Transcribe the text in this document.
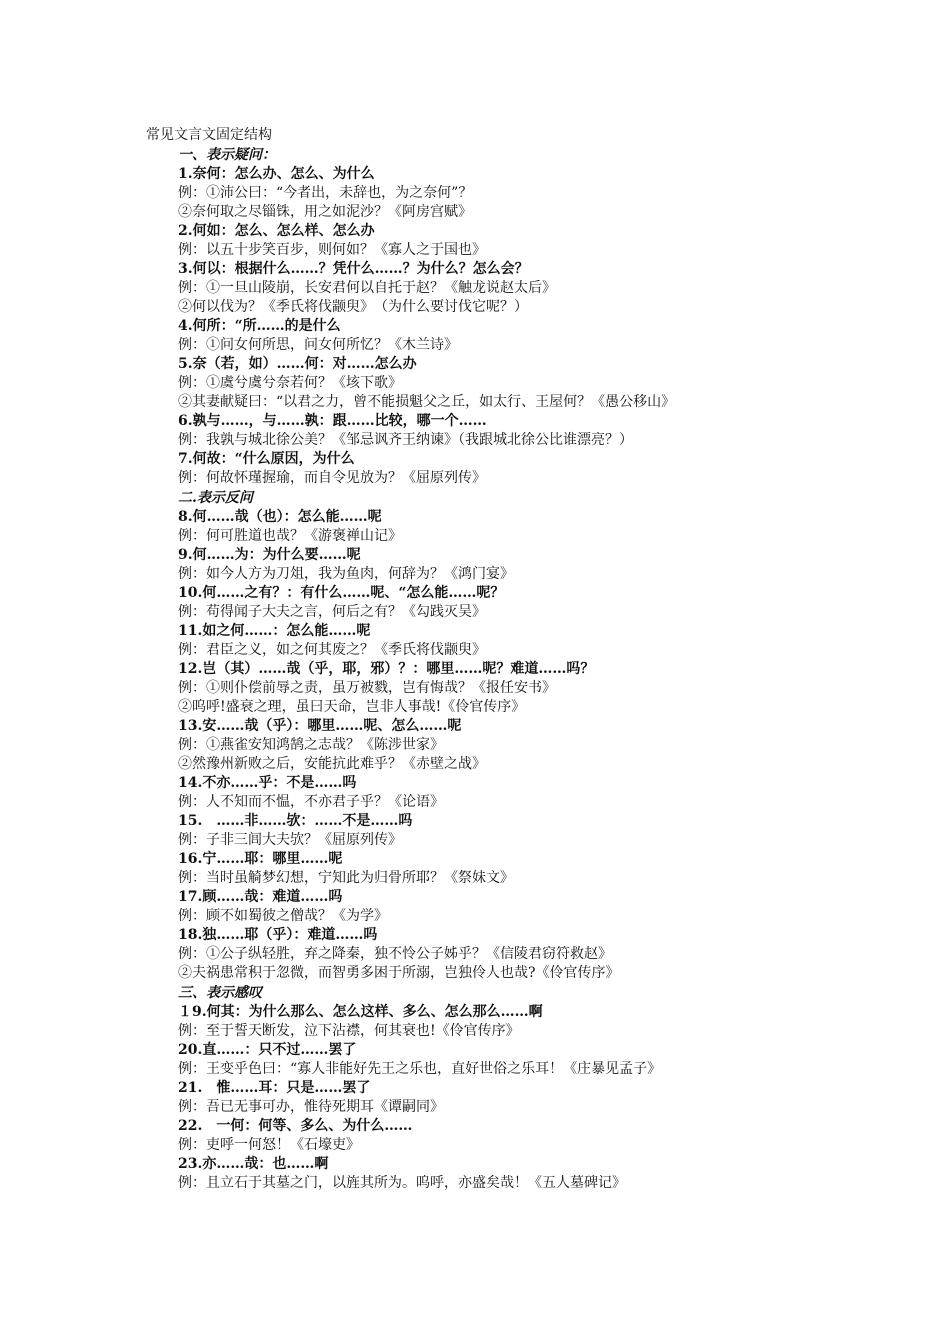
常见文言文固定结构
一、表示疑问：
1.奈何：怎么办、怎么、为什么
例：①沛公曰：“今者出，未辞也，为之奈何”？
②奈何取之尽锱铢，用之如泥沙？《阿房宫赋》
2.何如：怎么、怎么样、怎么办
例：以五十步笑百步，则何如？《寡人之于国也》
3.何以：根据什么……？凭什么……？为什么？怎么会？
例：①一旦山陵崩，长安君何以自托于赵？《触龙说赵太后》
②何以伐为？《季氏将伐颛臾》　（为什么要讨伐它呢？）
4.何所：“所……的是什么
例：①问女何所思，问女何所忆？《木兰诗》
5.奈（若，如）……何：对……怎么办
例：①虞兮虞兮奈若何？《垓下歌》
②其妻献疑曰：“以君之力，曾不能损魁父之丘，如太行、王屋何？《愚公移山》
6.孰与……，与……孰：跟……比较，哪一个……
例：我孰与城北徐公美？《邹忌讽齐王纳谏》（我跟城北徐公比谁漂亮？）
7.何故：“什么原因，为什么
例：何故怀瑾握瑜，而自令见放为？《屈原列传》
二.表示反问
8.何……哉（也）：怎么能……呢
例：何可胜道也哉？《游褒禅山记》
9.何……为：为什么要……呢
例：如今人方为刀俎，我为鱼肉，何辞为？《鸿门宴》
10.何……之有？：有什么……呢、“怎么能……呢？
例：苟得闻子大夫之言，何后之有？《勾践灭吴》
11.如之何……：怎么能……呢
例：君臣之义，如之何其废之？《季氏将伐颛臾》
12.岂（其）……哉（乎，耶，邪）？：哪里……呢？难道……吗？
例：①则仆偿前辱之责，虽万被戮，岂有悔哉？《报任安书》
②呜呼!盛衰之理，虽曰天命，岂非人事哉!《伶官传序》
13.安……哉（乎）：哪里……呢、怎么……呢
例：①燕雀安知鸿鹄之志哉？《陈涉世家》
②然豫州新败之后，安能抗此难乎？《赤壁之战》
14.不亦……乎：不是……吗
例：人不知而不愠，不亦君子乎？《论语》
15.　……非……欤：……不是……吗
例：子非三闾大夫欤？《屈原列传》
16.宁……耶：哪里……呢
例：当时虽觭梦幻想，宁知此为归骨所耶？《祭妹文》
17.顾……哉：难道……吗
例：顾不如蜀彼之僧哉？《为学》
18.独……耶（乎）：难道……吗
例：①公子纵轻胜，弃之降秦，独不怜公子姊乎？《信陵君窃符救赵》
②夫祸患常积于忽微，而智勇多困于所溺，岂独伶人也哉?《伶官传序》
三、表示感叹
１9.何其：为什么那么、怎么这样、多么、怎么那么……啊
例：至于誓天断发，泣下沾襟，何其衰也!《伶官传序》
20.直……：只不过……罢了
例：王变乎色曰：“寡人非能好先王之乐也，直好世俗之乐耳！《庄暴见孟子》
21.　惟……耳：只是……罢了
例：吾已无事可办，惟待死期耳《谭嗣同》
22.　一何：何等、多么、为什么……
例：吏呼一何怒！《石壕吏》
23.亦……哉：也……啊
例：且立石于其墓之门，以旌其所为。呜呼，亦盛矣哉！《五人墓碑记》
